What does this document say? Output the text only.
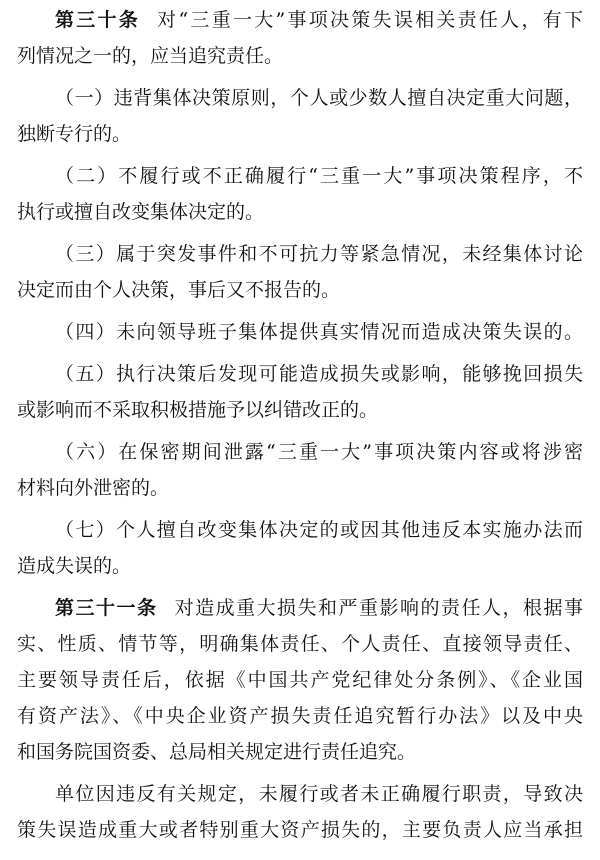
第三十条 对“三重一大”事项决策失误相关责任人，有下
列情况之一的，应当追究责任。
（一）违背集体决策原则，个人或少数人擅自决定重大问题，
独断专行的。
（二）不履行或不正确履行“三重一大”事项决策程序，不
执行或擅自改变集体决定的。
（三）属于突发事件和不可抗力等紧急情况，未经集体讨论
决定而由个人决策，事后又不报告的。
（四）未向领导班子集体提供真实情况而造成决策失误的。
（五）执行决策后发现可能造成损失或影响，能够挽回损失
或影响而不采取积极措施予以纠错改正的。
（六）在保密期间泄露“三重一大”事项决策内容或将涉密
材料向外泄密的。
（七）个人擅自改变集体决定的或因其他违反本实施办法而
造成失误的。
第三十一条 对造成重大损失和严重影响的责任人，根据事
实、性质、情节等，明确集体责任、个人责任、直接领导责任、
主要领导责任后，依据《中国共产党纪律处分条例》、《企业国
有资产法》、《中央企业资产损失责任追究暂行办法》以及中央
和国务院国资委、总局相关规定进行责任追究。
单位因违反有关规定，未履行或者未正确履行职责，导致决
策失误造成重大或者特别重大资产损失的，主要负责人应当承担
